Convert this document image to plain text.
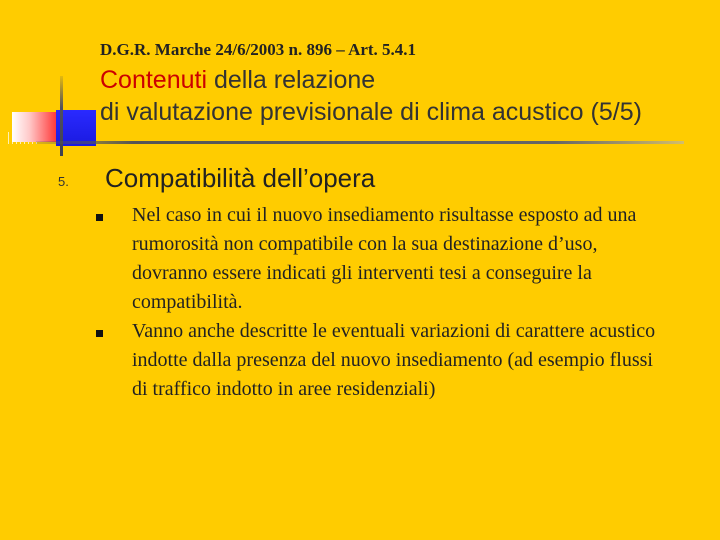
D.G.R. Marche 24/6/2003 n. 896 – Art. 5.4.1
Contenuti della relazione
di valutazione previsionale di clima acustico (5/5)
5. Compatibilità dell’opera
Nel caso in cui il nuovo insediamento risultasse esposto ad una rumorosità non compatibile con la sua destinazione d’uso, dovranno essere indicati gli interventi tesi a conseguire la compatibilità.
Vanno anche descritte le eventuali variazioni di carattere acustico indotte dalla presenza del nuovo insediamento (ad esempio flussi di traffico indotto in aree residenziali)
